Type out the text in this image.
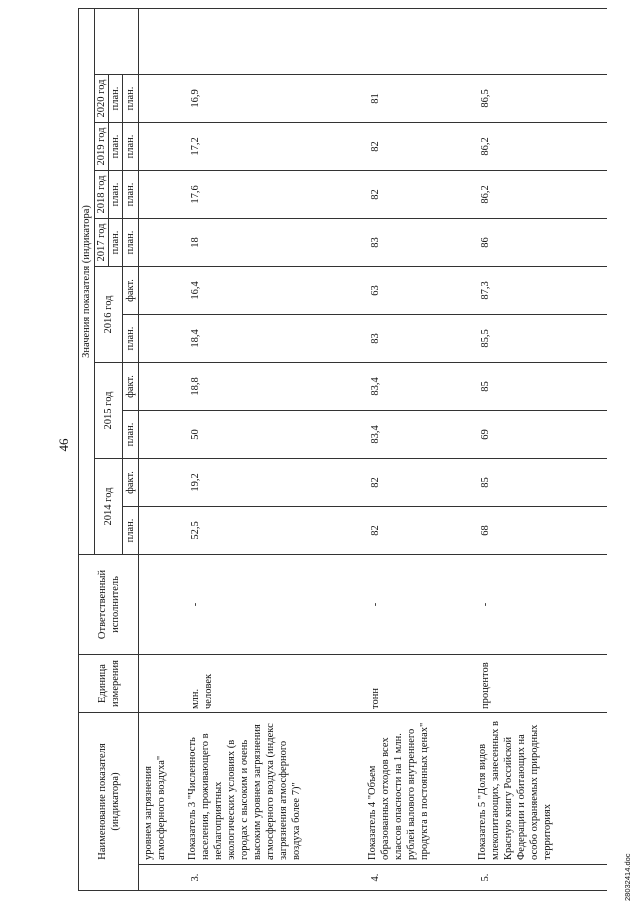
46
Наименование показателя (индикатора)		Единица измерения	Ответственный исполнитель	Значения показателя (индикатора)										
				2014 год		2015 год		2016 год		2017 год	2018 год	2019 год	2020 год	
										план.	план.	план.	план.	
				план.	факт.	план.	факт.	план.	факт.	план.	план.	план.	план.	
	уровнем загрязнения атмосферного воздуха"													
3.	Показатель 3 "Численность населения, проживающего в неблагоприятных экологических условиях (в городах с высоким и очень высоким уровнем загрязнения атмосферного воздуха (индекс загрязнения атмосферного воздуха более 7)"	млн. человек	-	52,5	19,2	50	18,8	18,4	16,4	18	17,6	17,2	16,9	
4.	Показатель 4 "Объем образованных отходов всех классов опасности на 1 млн. рублей валового внутреннего продукта в постоянных ценах"	тонн	-	82	82	83,4	83,4	83	63	83	82	82	81	
5.	Показатель 5 "Доля видов млекопитающих, занесенных в Красную книгу Российской Федерации и обитающих на особо охраняемых природных территориях	процентов	-	68	85	69	85	85,5	87,3	86	86,2	86,2	86,5	
28032414.doc
